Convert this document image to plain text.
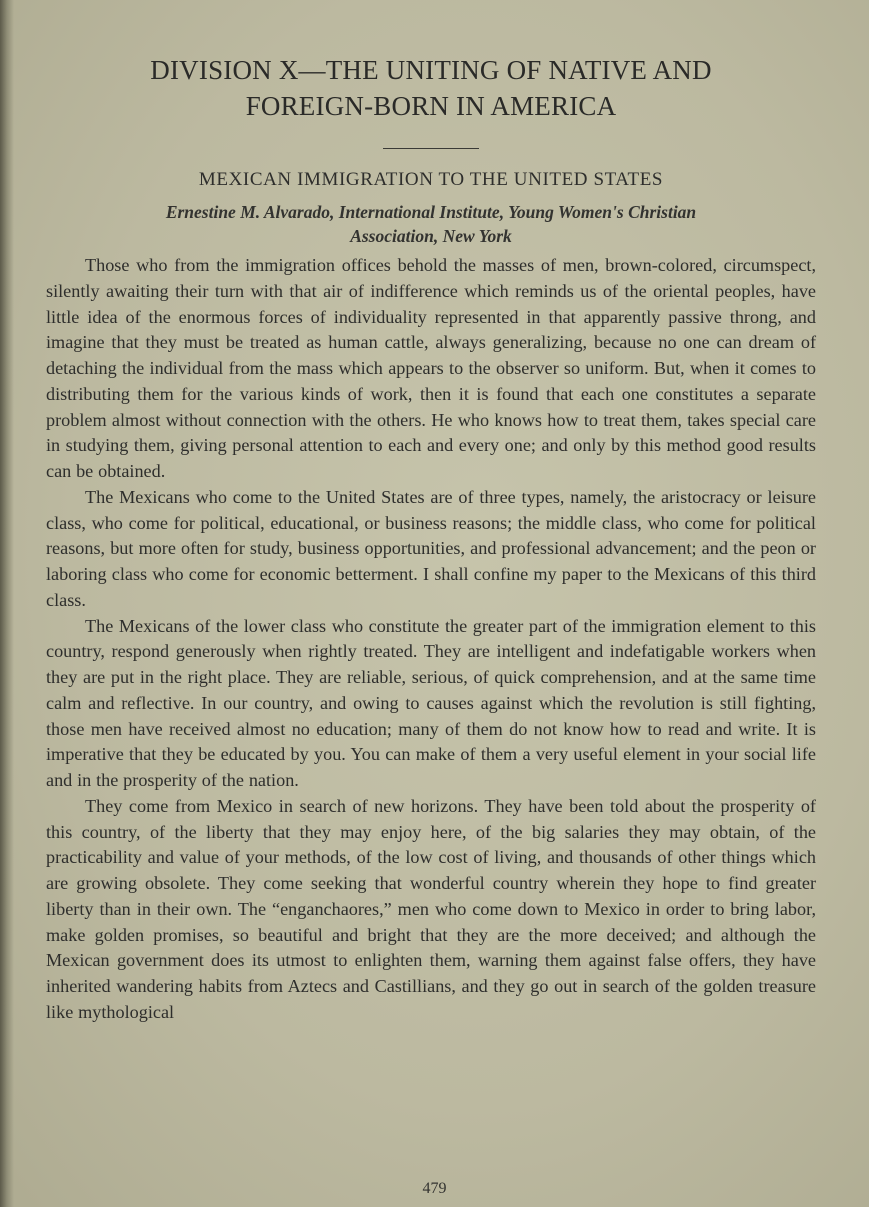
DIVISION X—THE UNITING OF NATIVE AND
FOREIGN-BORN IN AMERICA
MEXICAN IMMIGRATION TO THE UNITED STATES
Ernestine M. Alvarado, International Institute, Young Women's Christian
Association, New York

Those who from the immigration offices behold the masses of men, brown-colored, circumspect, silently awaiting their turn with that air of indifference which reminds us of the oriental peoples, have little idea of the enormous forces of individuality represented in that apparently passive throng, and imagine that they must be treated as human cattle, always generalizing, because no one can dream of detaching the individual from the mass which appears to the observer so uniform. But, when it comes to distributing them for the various kinds of work, then it is found that each one constitutes a separate problem almost without connection with the others. He who knows how to treat them, takes special care in studying them, giving personal attention to each and every one; and only by this method good results can be obtained.

The Mexicans who come to the United States are of three types, namely, the aristocracy or leisure class, who come for political, educational, or business reasons; the middle class, who come for political reasons, but more often for study, business opportunities, and professional advancement; and the peon or laboring class who come for economic betterment. I shall confine my paper to the Mexicans of this third class.

The Mexicans of the lower class who constitute the greater part of the immigration element to this country, respond generously when rightly treated. They are intelligent and indefatigable workers when they are put in the right place. They are reliable, serious, of quick comprehension, and at the same time calm and reflective. In our country, and owing to causes against which the revolution is still fighting, those men have received almost no education; many of them do not know how to read and write. It is imperative that they be educated by you. You can make of them a very useful element in your social life and in the prosperity of the nation.

They come from Mexico in search of new horizons. They have been told about the prosperity of this country, of the liberty that they may enjoy here, of the big salaries they may obtain, of the practicability and value of your methods, of the low cost of living, and thousands of other things which are growing obsolete. They come seeking that wonderful country wherein they hope to find greater liberty than in their own. The “enganchaores,” men who come down to Mexico in order to bring labor, make golden promises, so beautiful and bright that they are the more deceived; and although the Mexican government does its utmost to enlighten them, warning them against false offers, they have inherited wandering habits from Aztecs and Castillians, and they go out in search of the golden treasure like mythological

479
